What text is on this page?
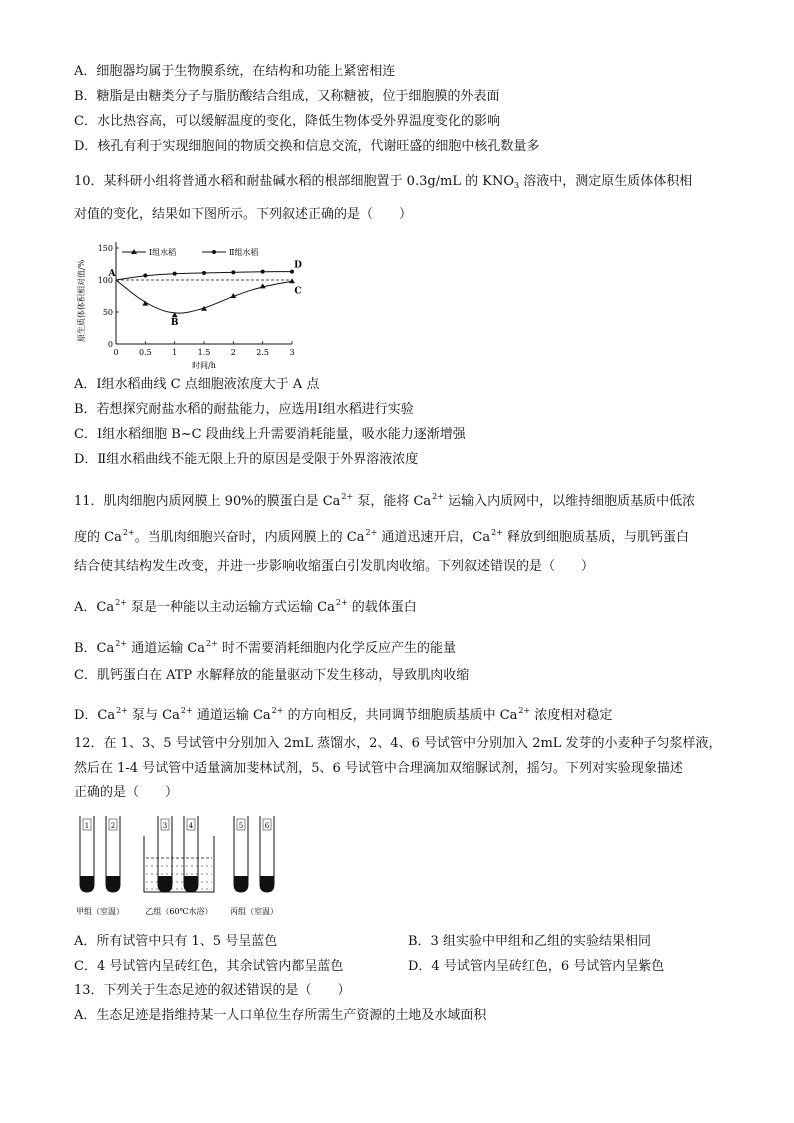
A．细胞器均属于生物膜系统，在结构和功能上紧密相连
B．糖脂是由糖类分子与脂肪酸结合组成，又称糖被，位于细胞膜的外表面
C．水比热容高，可以缓解温度的变化，降低生物体受外界温度变化的影响
D．核孔有利于实现细胞间的物质交换和信息交流，代谢旺盛的细胞中核孔数量多
10．某科研小组将普通水稻和耐盐碱水稻的根部细胞置于 0.3g/mL 的 $KNO_3$ 溶液中，测定原生质体体积相
对值的变化，结果如下图所示。下列叙述正确的是（　　）
原生质体体积相对值/%
时间/h
0	0.5	1	1.5	2	2.5	3
150
100
50
0
Ⅰ组水稻	Ⅱ组水稻
A
B
C
D
A．Ⅰ组水稻曲线 C 点细胞液浓度大于 A 点
B．若想探究耐盐水稻的耐盐能力，应选用Ⅰ组水稻进行实验
C．Ⅰ组水稻细胞 B~C 段曲线上升需要消耗能量，吸水能力逐渐增强
D．Ⅱ组水稻曲线不能无限上升的原因是受限于外界溶液浓度
11．肌肉细胞内质网膜上 90%的膜蛋白是 $Ca^{2+}$ 泵，能将 $Ca^{2+}$ 运输入内质网中，以维持细胞质基质中低浓
度的 $Ca^{2+}$。当肌肉细胞兴奋时，内质网膜上的 $Ca^{2+}$ 通道迅速开启，$Ca^{2+}$ 释放到细胞质基质，与肌钙蛋白
结合使其结构发生改变，并进一步影响收缩蛋白引发肌肉收缩。下列叙述错误的是（　　）
A．$Ca^{2+}$ 泵是一种能以主动运输方式运输 $Ca^{2+}$ 的载体蛋白
B．$Ca^{2+}$ 通道运输 $Ca^{2+}$ 时不需要消耗细胞内化学反应产生的能量
C．肌钙蛋白在 ATP 水解释放的能量驱动下发生移动，导致肌肉收缩
D．$Ca^{2+}$ 泵与 $Ca^{2+}$ 通道运输 $Ca^{2+}$ 的方向相反，共同调节细胞质基质中 $Ca^{2+}$ 浓度相对稳定
12．在 1、3、5 号试管中分别加入 2mL 蒸馏水，2、4、6 号试管中分别加入 2mL 发芽的小麦种子匀浆样液，
然后在 1-4 号试管中适量滴加斐林试剂，5、6 号试管中合理滴加双缩脲试剂，摇匀。下列对实验现象描述
正确的是（　　）
1	2	3	4	5	6
甲组（室温）	乙组（60℃水浴） 丙组（室温）
A．所有试管中只有 1、5 号呈蓝色	B．3 组实验中甲组和乙组的实验结果相同
C．4 号试管内呈砖红色，其余试管内都呈蓝色	D．4 号试管内呈砖红色，6 号试管内呈紫色
13．下列关于生态足迹的叙述错误的是（　　）
A．生态足迹是指维持某一人口单位生存所需生产资源的土地及水域面积
